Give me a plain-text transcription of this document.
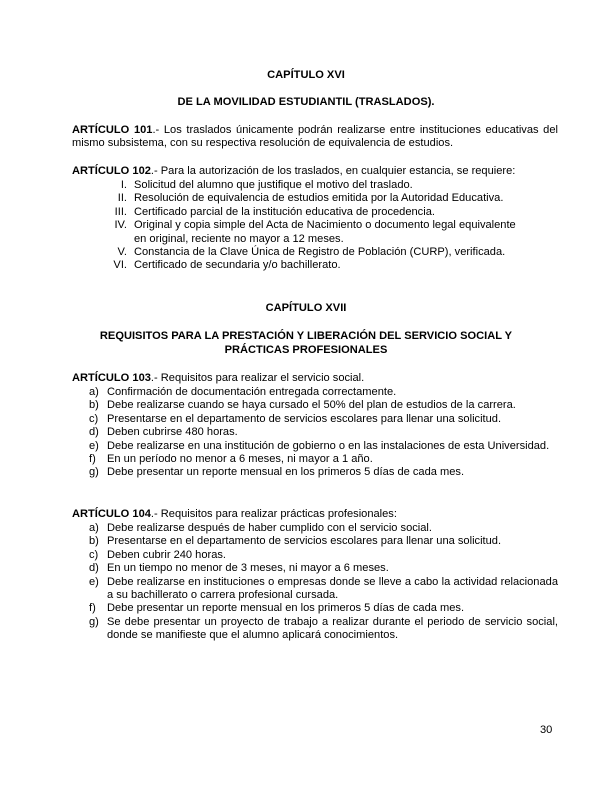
CAPÍTULO XVI
DE LA MOVILIDAD ESTUDIANTIL (TRASLADOS).
ARTÍCULO 101.- Los traslados únicamente podrán realizarse entre instituciones educativas del mismo subsistema, con su respectiva resolución de equivalencia de estudios.
ARTÍCULO 102.- Para la autorización de los traslados, en cualquier estancia, se requiere:
I. Solicitud del alumno que justifique el motivo del traslado.
II. Resolución de equivalencia de estudios emitida por la Autoridad Educativa.
III. Certificado parcial de la institución educativa de procedencia.
IV. Original y copia simple del Acta de Nacimiento o documento legal equivalente en original, reciente no mayor a 12 meses.
V. Constancia de la Clave Única de Registro de Población (CURP), verificada.
VI. Certificado de secundaria y/o bachillerato.
CAPÍTULO XVII
REQUISITOS PARA LA PRESTACIÓN Y LIBERACIÓN DEL SERVICIO SOCIAL Y
PRÁCTICAS PROFESIONALES
ARTÍCULO 103.- Requisitos para realizar el servicio social.
a) Confirmación de documentación entregada correctamente.
b) Debe realizarse cuando se haya cursado el 50% del plan de estudios de la carrera.
c) Presentarse en el departamento de servicios escolares para llenar una solicitud.
d) Deben cubrirse 480 horas.
e) Debe realizarse en una institución de gobierno o en las instalaciones de esta Universidad.
f) En un período no menor a 6 meses, ni mayor a 1 año.
g) Debe presentar un reporte mensual en los primeros 5 días de cada mes.
ARTÍCULO 104.- Requisitos para realizar prácticas profesionales:
a) Debe realizarse después de haber cumplido con el servicio social.
b) Presentarse en el departamento de servicios escolares para llenar una solicitud.
c) Deben cubrir 240 horas.
d) En un tiempo no menor de 3 meses, ni mayor a 6 meses.
e) Debe realizarse en instituciones o empresas donde se lleve a cabo la actividad relacionada a su bachillerato o carrera profesional cursada.
f) Debe presentar un reporte mensual en los primeros 5 días de cada mes.
g) Se debe presentar un proyecto de trabajo a realizar durante el periodo de servicio social, donde se manifieste que el alumno aplicará conocimientos.
30
